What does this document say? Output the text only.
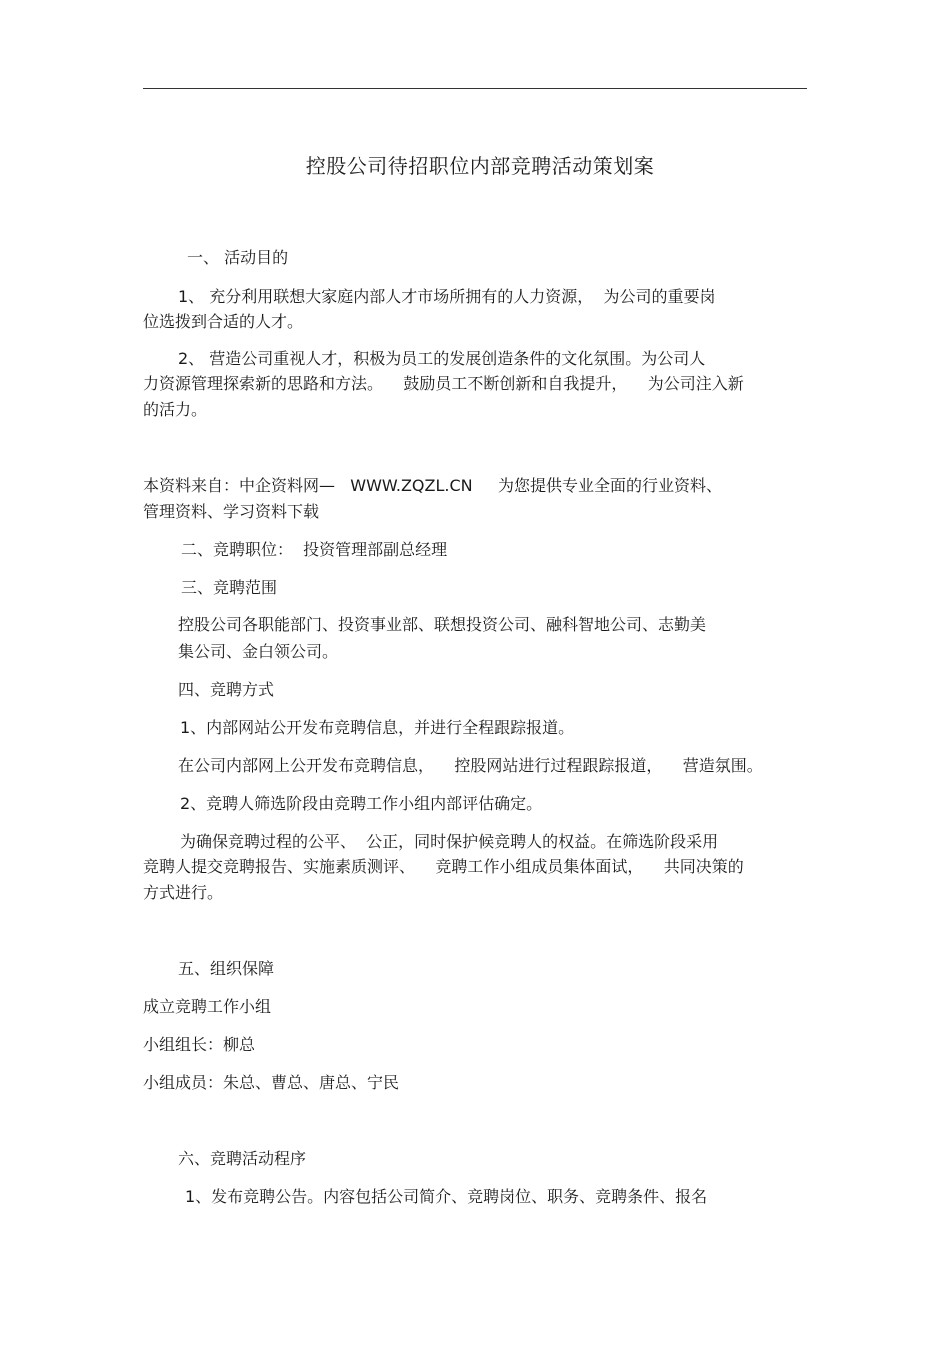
控股公司待招职位内部竞聘活动策划案
一、 活动目的
1、 充分利用联想大家庭内部人才市场所拥有的人力资源，  为公司的重要岗
位选拨到合适的人才。
2、 营造公司重视人才，积极为员工的发展创造条件的文化氛围。为公司人
力资源管理探索新的思路和方法。    鼓励员工不断创新和自我提升，    为公司注入新
的活力。
本资料来自：中企资料网—   WWW.ZQZL.CN     为您提供专业全面的行业资料、
管理资料、学习资料下载
二、竞聘职位：  投资管理部副总经理
三、竞聘范围
控股公司各职能部门、投资事业部、联想投资公司、融科智地公司、志勤美
集公司、金白领公司。
四、竞聘方式
1、内部网站公开发布竞聘信息，并进行全程跟踪报道。
在公司内部网上公开发布竞聘信息，    控股网站进行过程跟踪报道，    营造氛围。
2、竞聘人筛选阶段由竞聘工作小组内部评估确定。
为确保竞聘过程的公平、  公正，同时保护候竞聘人的权益。在筛选阶段采用
竞聘人提交竞聘报告、实施素质测评、    竞聘工作小组成员集体面试，    共同决策的
方式进行。
五、组织保障
成立竞聘工作小组
小组组长：柳总
小组成员：朱总、曹总、唐总、宁民
六、竞聘活动程序
1、发布竞聘公告。内容包括公司简介、竞聘岗位、职务、竞聘条件、报名
